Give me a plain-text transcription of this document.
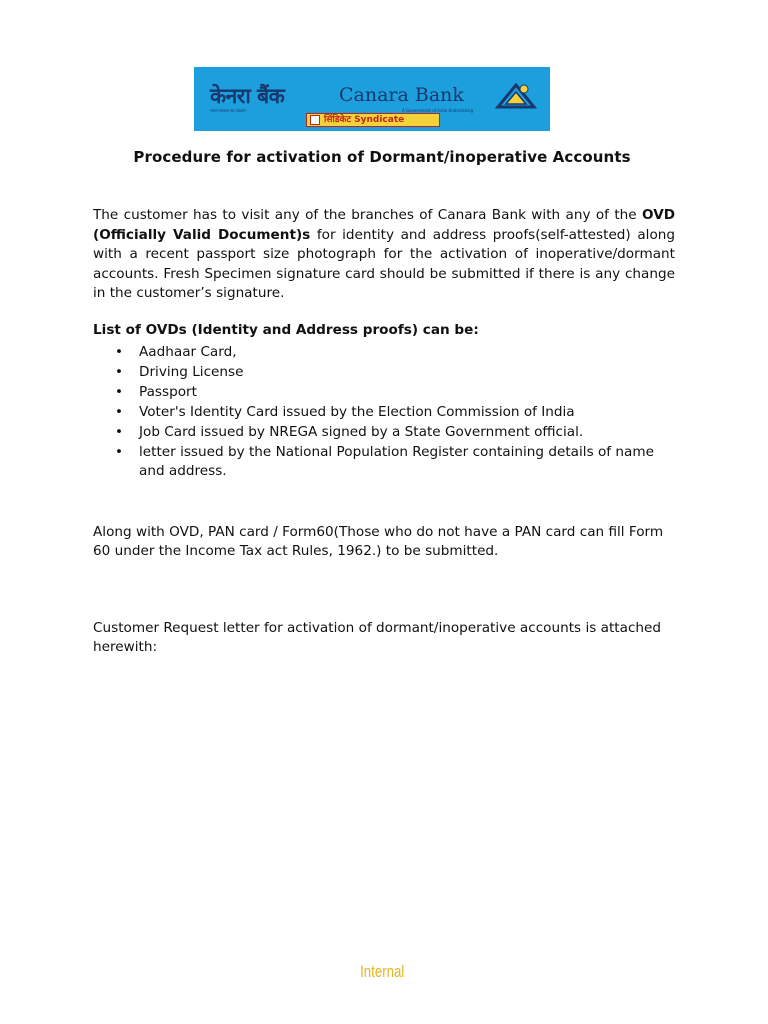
केनरा बैंक
भारत सरकार का उपक्रम
Canara Bank
A Government of India Undertaking
सिंडिकेट Syndicate
Procedure for activation of Dormant/inoperative Accounts

The customer has to visit any of the branches of Canara Bank with any of the OVD (Officially Valid Document)s for identity and address proofs(self-attested) along with a recent passport size photograph for the activation of inoperative/dormant accounts. Fresh Specimen signature card should be submitted if there is any change in the customer’s signature.

List of OVDs (Identity and Address proofs) can be:

• Aadhaar Card,
• Driving License
• Passport
• Voter's Identity Card issued by the Election Commission of India
• Job Card issued by NREGA signed by a State Government official.
• letter issued by the National Population Register containing details of name and address.

Along with OVD, PAN card / Form60(Those who do not have a PAN card can fill Form 60 under the Income Tax act Rules, 1962.) to be submitted.

Customer Request letter for activation of dormant/inoperative accounts is attached herewith:

Internal
